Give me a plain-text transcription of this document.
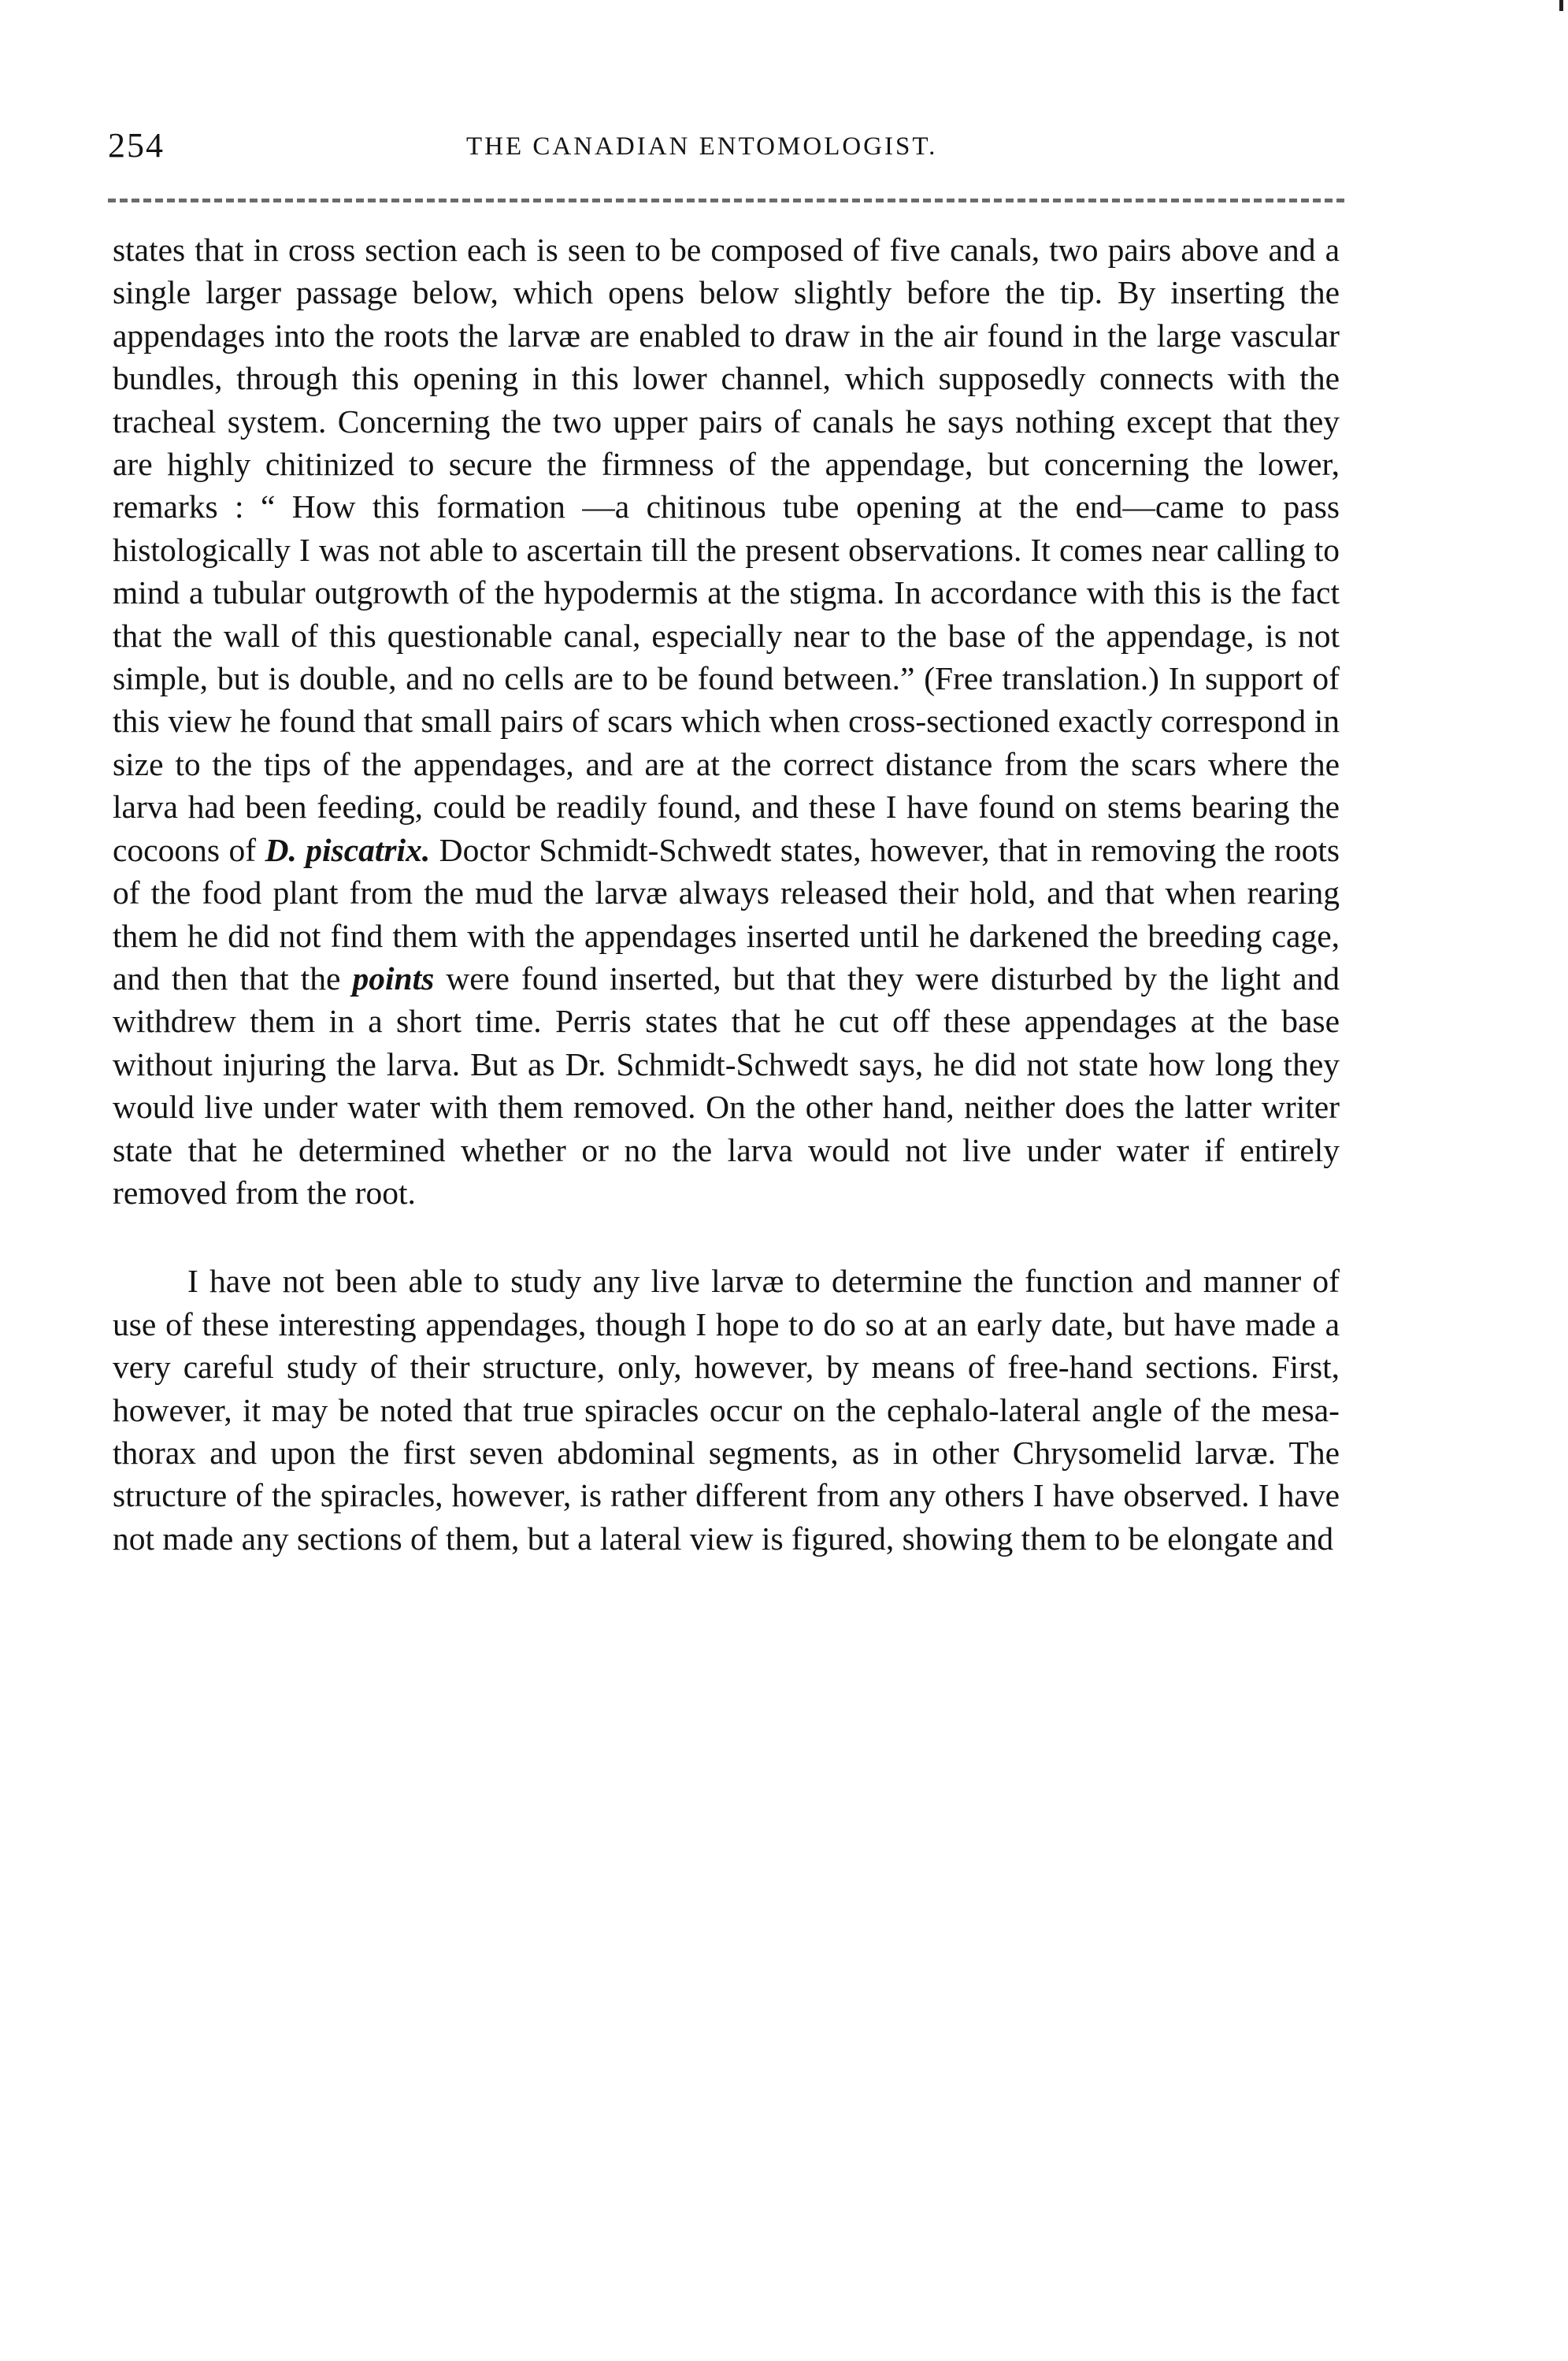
254	THE CANADIAN ENTOMOLOGIST.

states that in cross section each is seen to be composed of five canals, two pairs above and a single larger passage below, which opens below slightly before the tip. By inserting the appendages into the roots the larvæ are enabled to draw in the air found in the large vascular bundles, through this opening in this lower channel, which supposedly connects with the tracheal system. Concerning the two upper pairs of canals he says nothing except that they are highly chitinized to secure the firmness of the appendage, but concerning the lower, remarks : “ How this formation —a chitinous tube opening at the end—came to pass histologically I was not able to ascertain till the present observations. It comes near calling to mind a tubular outgrowth of the hypodermis at the stigma. In accordance with this is the fact that the wall of this questionable canal, especially near to the base of the appendage, is not simple, but is double, and no cells are to be found between.” (Free translation.) In support of this view he found that small pairs of scars which when cross-sectioned exactly correspond in size to the tips of the appendages, and are at the correct distance from the scars where the larva had been feeding, could be readily found, and these I have found on stems bearing the cocoons of D. piscatrix. Doctor Schmidt-Schwedt states, however, that in removing the roots of the food plant from the mud the larvæ always released their hold, and that when rearing them he did not find them with the appendages inserted until he darkened the breeding cage, and then that the points were found inserted, but that they were disturbed by the light and withdrew them in a short time. Perris states that he cut off these appendages at the base without injuring the larva. But as Dr. Schmidt-Schwedt says, he did not state how long they would live under water with them removed. On the other hand, neither does the latter writer state that he determined whether or no the larva would not live under water if entirely removed from the root.

I have not been able to study any live larvæ to determine the function and manner of use of these interesting appendages, though I hope to do so at an early date, but have made a very careful study of their structure, only, however, by means of free-hand sections. First, however, it may be noted that true spiracles occur on the cephalo-lateral angle of the mesa-thorax and upon the first seven abdominal segments, as in other Chrysomelid larvæ. The structure of the spiracles, however, is rather different from any others I have observed. I have not made any sections of them, but a lateral view is figured, showing them to be elongate and
